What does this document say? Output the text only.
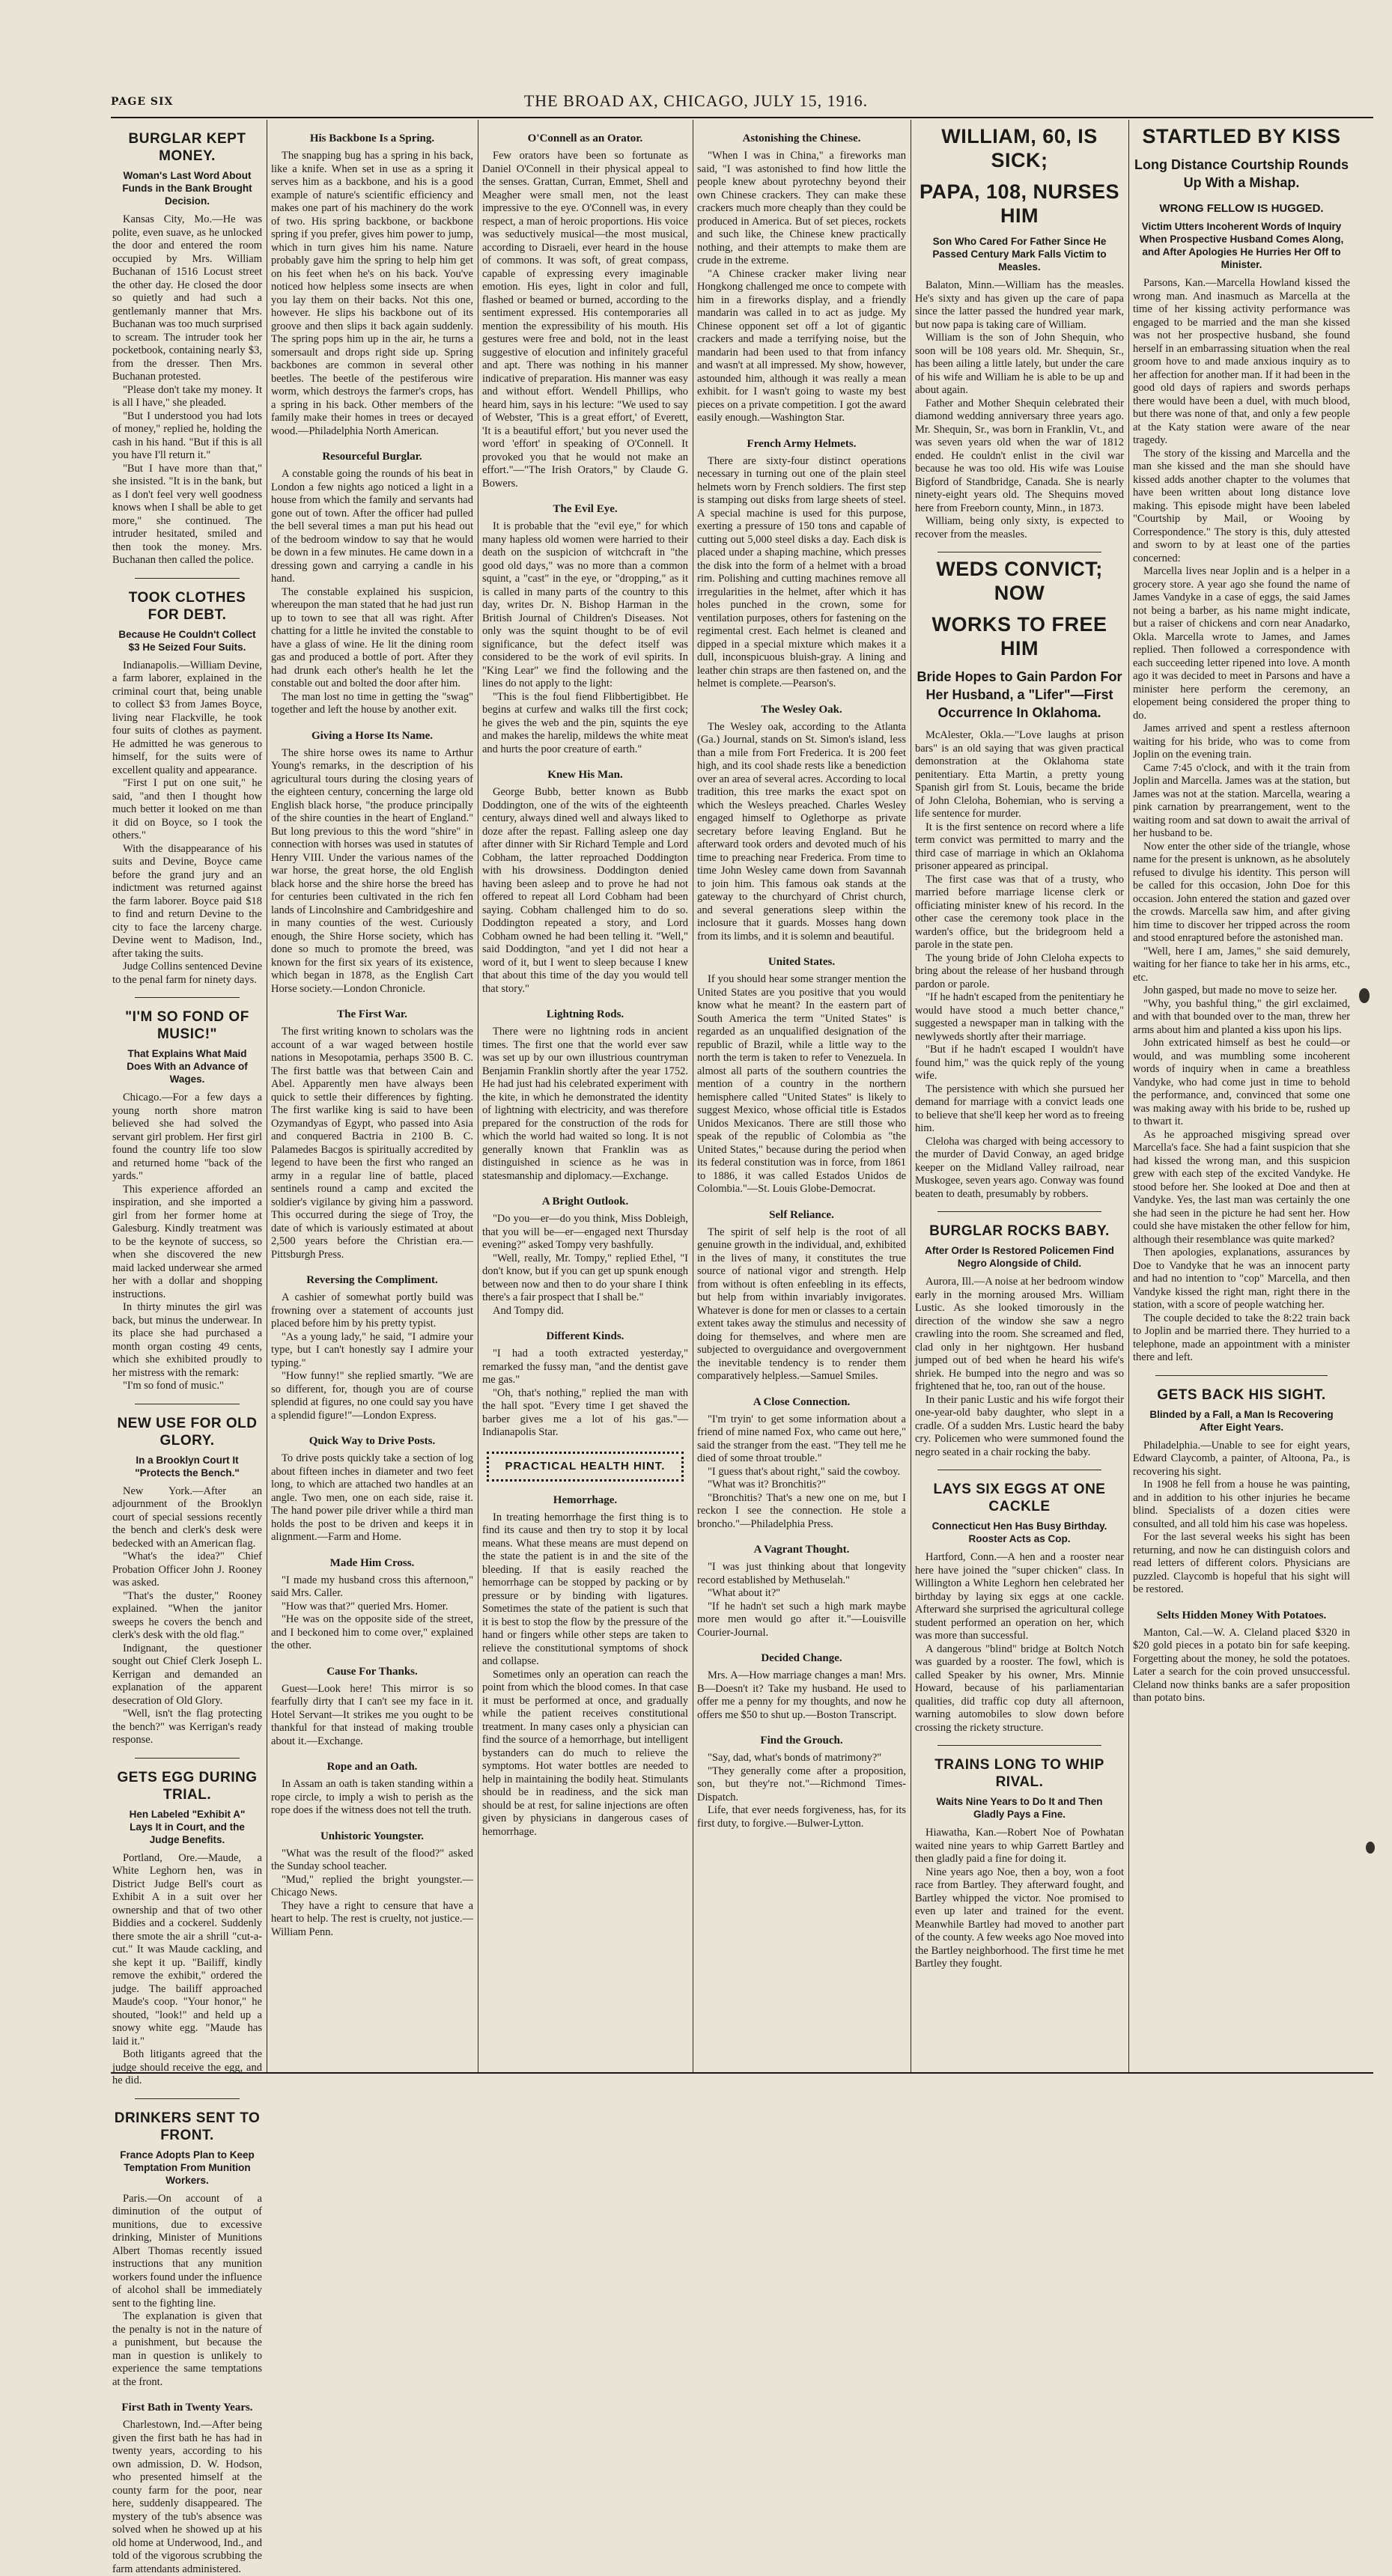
PAGE SIX	THE BROAD AX, CHICAGO, JULY 15, 1916.
BURGLAR KEPT MONEY.
Woman's Last Word About Funds in the Bank Brought Decision.

Kansas City, Mo.—He was polite, even suave, as he unlocked the door and entered the room occupied by Mrs. William Buchanan of 1516 Locust street the other day. He closed the door so quietly and had such a gentlemanly manner that Mrs. Buchanan was too much surprised to scream. The intruder took her pocketbook, containing nearly $3, from the dresser. Then Mrs. Buchanan protested.

"Please don't take my money. It is all I have," she pleaded.

"But I understood you had lots of money," replied he, holding the cash in his hand. "But if this is all you have I'll return it."

"But I have more than that," she insisted. "It is in the bank, but as I don't feel very well goodness knows when I shall be able to get more," she continued. The intruder hesitated, smiled and then took the money. Mrs. Buchanan then called the police.

TOOK CLOTHES FOR DEBT.
Because He Couldn't Collect $3 He Seized Four Suits.

Indianapolis.—William Devine, a farm laborer, explained in the criminal court that, being unable to collect $3 from James Boyce, living near Flackville, he took four suits of clothes as payment. He admitted he was generous to himself, for the suits were of excellent quality and appearance.

"First I put on one suit," he said, "and then I thought how much better it looked on me than it did on Boyce, so I took the others."

With the disappearance of his suits and Devine, Boyce came before the grand jury and an indictment was returned against the farm laborer. Boyce paid $18 to find and return Devine to the city to face the larceny charge. Devine went to Madison, Ind., after taking the suits.

Judge Collins sentenced Devine to the penal farm for ninety days.

"I'M SO FOND OF MUSIC!"
That Explains What Maid Does With an Advance of Wages.

Chicago.—For a few days a young north shore matron believed she had solved the servant girl problem. Her first girl found the country life too slow and returned home "back of the yards."

This experience afforded an inspiration, and she imported a girl from her former home at Galesburg. Kindly treatment was to be the keynote of success, so when she discovered the new maid lacked underwear she armed her with a dollar and shopping instructions.

In thirty minutes the girl was back, but minus the underwear. In its place she had purchased a month organ costing 49 cents, which she exhibited proudly to her mistress with the remark:

"I'm so fond of music."

NEW USE FOR OLD GLORY.
In a Brooklyn Court It "Protects the Bench."

New York.—After an adjournment of the Brooklyn court of special sessions recently the bench and clerk's desk were bedecked with an American flag.

"What's the idea?" Chief Probation Officer John J. Rooney was asked.

"That's the duster," Rooney explained. "When the janitor sweeps he covers the bench and clerk's desk with the old flag."

Indignant, the questioner sought out Chief Clerk Joseph L. Kerrigan and demanded an explanation of the apparent desecration of Old Glory.

"Well, isn't the flag protecting the bench?" was Kerrigan's ready response.

GETS EGG DURING TRIAL.
Hen Labeled "Exhibit A" Lays It in Court, and the Judge Benefits.

Portland, Ore.—Maude, a White Leghorn hen, was in District Judge Bell's court as Exhibit A in a suit over her ownership and that of two other Biddies and a cockerel. Suddenly there smote the air a shrill "cut-a-cut." It was Maude cackling, and she kept it up. "Bailiff, kindly remove the exhibit," ordered the judge. The bailiff approached Maude's coop. "Your honor," he shouted, "look!" and held up a snowy white egg. "Maude has laid it."

Both litigants agreed that the judge should receive the egg, and he did.

DRINKERS SENT TO FRONT.
France Adopts Plan to Keep Temptation From Munition Workers.

Paris.—On account of a diminution of the output of munitions, due to excessive drinking, Minister of Munitions Albert Thomas recently issued instructions that any munition workers found under the influence of alcohol shall be immediately sent to the fighting line.

The explanation is given that the penalty is not in the nature of a punishment, but because the man in question is unlikely to experience the same temptations at the front.

First Bath in Twenty Years.

Charlestown, Ind.—After being given the first bath he has had in twenty years, according to his own admission, D. W. Hodson, who presented himself at the county farm for the poor, near here, suddenly disappeared. The mystery of the tub's absence was solved when he showed up at his old home at Underwood, Ind., and told of the vigorous scrubbing the farm attendants administered.

His Backbone Is a Spring.

The snapping bug has a spring in his back, like a knife. When set in use as a spring it serves him as a backbone, and his is a good example of nature's scientific efficiency and makes one part of his machinery do the work of two. His spring backbone, or backbone spring if you prefer, gives him power to jump, which in turn gives him his name. Nature probably gave him the spring to help him get on his feet when he's on his back. You've noticed how helpless some insects are when you lay them on their backs. Not this one, however. He slips his backbone out of its groove and then slips it back again suddenly. The spring pops him up in the air, he turns a somersault and drops right side up. Spring backbones are common in several other beetles. The beetle of the pestiferous wire worm, which destroys the farmer's crops, has a spring in his back. Other members of the family make their homes in trees or decayed wood.—Philadelphia North American.

Resourceful Burglar.

A constable going the rounds of his beat in London a few nights ago noticed a light in a house from which the family and servants had gone out of town. After the officer had pulled the bell several times a man put his head out of the bedroom window to say that he would be down in a few minutes. He came down in a dressing gown and carrying a candle in his hand.

The constable explained his suspicion, whereupon the man stated that he had just run up to town to see that all was right. After chatting for a little he invited the constable to have a glass of wine. He lit the dining room gas and produced a bottle of port. After they had drunk each other's health he let the constable out and bolted the door after him.

The man lost no time in getting the "swag" together and left the house by another exit.

Giving a Horse Its Name.

The shire horse owes its name to Arthur Young's remarks, in the description of his agricultural tours during the closing years of the eighteen century, concerning the large old English black horse, "the produce principally of the shire counties in the heart of England." But long previous to this the word "shire" in connection with horses was used in statutes of Henry VIII. Under the various names of the war horse, the great horse, the old English black horse and the shire horse the breed has for centuries been cultivated in the rich fen lands of Lincolnshire and Cambridgeshire and in many counties of the west. Curiously enough, the Shire Horse society, which has done so much to promote the breed, was known for the first six years of its existence, which began in 1878, as the English Cart Horse society.—London Chronicle.

The First War.

The first writing known to scholars was the account of a war waged between hostile nations in Mesopotamia, perhaps 3500 B. C. The first battle was that between Cain and Abel. Apparently men have always been quick to settle their differences by fighting. The first warlike king is said to have been Ozymandyas of Egypt, who passed into Asia and conquered Bactria in 2100 B. C. Palamedes Bacgos is spiritually accredited by legend to have been the first who ranged an army in a regular line of battle, placed sentinels round a camp and excited the soldier's vigilance by giving him a password. This occurred during the siege of Troy, the date of which is variously estimated at about 2,500 years before the Christian era.—Pittsburgh Press.

Reversing the Compliment.

A cashier of somewhat portly build was frowning over a statement of accounts just placed before him by his pretty typist.

"As a young lady," he said, "I admire your type, but I can't honestly say I admire your typing."

"How funny!" she replied smartly. "We are so different, for, though you are of course splendid at figures, no one could say you have a splendid figure!"—London Express.

Quick Way to Drive Posts.

To drive posts quickly take a section of log about fifteen inches in diameter and two feet long, to which are attached two handles at an angle. Two men, one on each side, raise it. The hand power pile driver while a third man holds the post to be driven and keeps it in alignment.—Farm and Home.

Made Him Cross.

"I made my husband cross this afternoon," said Mrs. Caller.

"How was that?" queried Mrs. Homer.

"He was on the opposite side of the street, and I beckoned him to come over," explained the other.

Cause For Thanks.

Guest—Look here! This mirror is so fearfully dirty that I can't see my face in it. Hotel Servant—It strikes me you ought to be thankful for that instead of making trouble about it.—Exchange.

Rope and an Oath.

In Assam an oath is taken standing within a rope circle, to imply a wish to perish as the rope does if the witness does not tell the truth.

Unhistoric Youngster.

"What was the result of the flood?" asked the Sunday school teacher.

"Mud," replied the bright youngster.—Chicago News.

They have a right to censure that have a heart to help. The rest is cruelty, not justice.—William Penn.

O'Connell as an Orator.

Few orators have been so fortunate as Daniel O'Connell in their physical appeal to the senses. Grattan, Curran, Emmet, Shell and Meagher were small men, not the least impressive to the eye. O'Connell was, in every respect, a man of heroic proportions. His voice was seductively musical—the most musical, according to Disraeli, ever heard in the house of commons. It was soft, of great compass, capable of expressing every imaginable emotion. His eyes, light in color and full, flashed or beamed or burned, according to the sentiment expressed. His contemporaries all mention the expressibility of his mouth. His gestures were free and bold, not in the least suggestive of elocution and infinitely graceful and apt. There was nothing in his manner indicative of preparation. His manner was easy and without effort. Wendell Phillips, who heard him, says in his lecture: "We used to say of Webster, 'This is a great effort,' of Everett, 'It is a beautiful effort,' but you never used the word 'effort' in speaking of O'Connell. It provoked you that he would not make an effort."—"The Irish Orators," by Claude G. Bowers.

The Evil Eye.

It is probable that the "evil eye," for which many hapless old women were harried to their death on the suspicion of witchcraft in "the good old days," was no more than a common squint, a "cast" in the eye, or "dropping," as it is called in many parts of the country to this day, writes Dr. N. Bishop Harman in the British Journal of Children's Diseases. Not only was the squint thought to be of evil significance, but the defect itself was considered to be the work of evil spirits. In "King Lear" we find the following and the lines do not apply to the light:

"This is the foul fiend Flibbertigibbet. He begins at curfew and walks till the first cock; he gives the web and the pin, squints the eye and makes the harelip, mildews the white meat and hurts the poor creature of earth."

Knew His Man.

George Bubb, better known as Bubb Doddington, one of the wits of the eighteenth century, always dined well and always liked to doze after the repast. Falling asleep one day after dinner with Sir Richard Temple and Lord Cobham, the latter reproached Doddington with his drowsiness. Doddington denied having been asleep and to prove he had not offered to repeat all Lord Cobham had been saying. Cobham challenged him to do so. Doddington repeated a story, and Lord Cobham owned he had been telling it. "Well," said Doddington, "and yet I did not hear a word of it, but I went to sleep because I knew that about this time of the day you would tell that story."

Lightning Rods.

There were no lightning rods in ancient times. The first one that the world ever saw was set up by our own illustrious countryman Benjamin Franklin shortly after the year 1752. He had just had his celebrated experiment with the kite, in which he demonstrated the identity of lightning with electricity, and was therefore prepared for the construction of the rods for which the world had waited so long. It is not generally known that Franklin was as distinguished in science as he was in statesmanship and diplomacy.—Exchange.

A Bright Outlook.

"Do you—er—do you think, Miss Dobleigh, that you will be—er—engaged next Thursday evening?" asked Tompy very bashfully.

"Well, really, Mr. Tompy," replied Ethel, "I don't know, but if you can get up spunk enough between now and then to do your share I think there's a fair prospect that I shall be."

And Tompy did.

Different Kinds.

"I had a tooth extracted yesterday," remarked the fussy man, "and the dentist gave me gas."

"Oh, that's nothing," replied the man with the hall spot. "Every time I get shaved the barber gives me a lot of his gas."—Indianapolis Star.

PRACTICAL HEALTH HINT.
Hemorrhage.

In treating hemorrhage the first thing is to find its cause and then try to stop it by local means. What these means are must depend on the state the patient is in and the site of the bleeding. If that is easily reached the hemorrhage can be stopped by packing or by pressure or by binding with ligatures. Sometimes the state of the patient is such that it is best to stop the flow by the pressure of the hand or fingers while other steps are taken to relieve the constitutional symptoms of shock and collapse.

Sometimes only an operation can reach the point from which the blood comes. In that case it must be performed at once, and gradually while the patient receives constitutional treatment. In many cases only a physician can find the source of a hemorrhage, but intelligent bystanders can do much to relieve the symptoms. Hot water bottles are needed to help in maintaining the bodily heat. Stimulants should be in readiness, and the sick man should be at rest, for saline injections are often given by physicians in dangerous cases of hemorrhage.

Astonishing the Chinese.

"When I was in China," a fireworks man said, "I was astonished to find how little the people knew about pyrotechny beyond their own Chinese crackers. They can make these crackers much more cheaply than they could be produced in America. But of set pieces, rockets and such like, the Chinese knew practically nothing, and their attempts to make them are crude in the extreme.

"A Chinese cracker maker living near Hongkong challenged me once to compete with him in a fireworks display, and a friendly mandarin was called in to act as judge. My Chinese opponent set off a lot of gigantic crackers and made a terrifying noise, but the mandarin had been used to that from infancy and wasn't at all impressed. My show, however, astounded him, although it was really a mean exhibit. for I wasn't going to waste my best pieces on a private competition. I got the award easily enough.—Washington Star.

French Army Helmets.

There are sixty-four distinct operations necessary in turning out one of the plain steel helmets worn by French soldiers. The first step is stamping out disks from large sheets of steel. A special machine is used for this purpose, exerting a pressure of 150 tons and capable of cutting out 5,000 steel disks a day. Each disk is placed under a shaping machine, which presses the disk into the form of a helmet with a broad rim. Polishing and cutting machines remove all irregularities in the helmet, after which it has holes punched in the crown, some for ventilation purposes, others for fastening on the regimental crest. Each helmet is cleaned and dipped in a special mixture which makes it a dull, inconspicuous bluish-gray. A lining and leather chin straps are then fastened on, and the helmet is complete.—Pearson's.

The Wesley Oak.

The Wesley oak, according to the Atlanta (Ga.) Journal, stands on St. Simon's island, less than a mile from Fort Frederica. It is 200 feet high, and its cool shade rests like a benediction over an area of several acres. According to local tradition, this tree marks the exact spot on which the Wesleys preached. Charles Wesley engaged himself to Oglethorpe as private secretary before leaving England. But he afterward took orders and devoted much of his time to preaching near Frederica. From time to time John Wesley came down from Savannah to join him. This famous oak stands at the gateway to the churchyard of Christ church, and several generations sleep within the inclosure that it guards. Mosses hang down from its limbs, and it is solemn and beautiful.

United States.

If you should hear some stranger mention the United States are you positive that you would know what he meant? In the eastern part of South America the term "United States" is regarded as an unqualified designation of the republic of Brazil, while a little way to the north the term is taken to refer to Venezuela. In almost all parts of the southern countries the mention of a country in the northern hemisphere called "United States" is likely to suggest Mexico, whose official title is Estados Unidos Mexicanos. There are still those who speak of the republic of Colombia as "the United States," because during the period when its federal constitution was in force, from 1861 to 1886, it was called Estados Unidos de Colombia."—St. Louis Globe-Democrat.

Self Reliance.

The spirit of self help is the root of all genuine growth in the individual, and, exhibited in the lives of many, it constitutes the true source of national vigor and strength. Help from without is often enfeebling in its effects, but help from within invariably invigorates. Whatever is done for men or classes to a certain extent takes away the stimulus and necessity of doing for themselves, and where men are subjected to overguidance and overgovernment the inevitable tendency is to render them comparatively helpless.—Samuel Smiles.

A Close Connection.

"I'm tryin' to get some information about a friend of mine named Fox, who came out here," said the stranger from the east. "They tell me he died of some throat trouble."

"I guess that's about right," said the cowboy.

"What was it? Bronchitis?"

"Bronchitis? That's a new one on me, but I reckon I see the connection. He stole a broncho."—Philadelphia Press.

A Vagrant Thought.

"I was just thinking about that longevity record established by Methuselah."

"What about it?"

"If he hadn't set such a high mark maybe more men would go after it."—Louisville Courier-Journal.

Decided Change.

Mrs. A—How marriage changes a man! Mrs. B—Doesn't it? Take my husband. He used to offer me a penny for my thoughts, and now he offers me $50 to shut up.—Boston Transcript.

Find the Grouch.

"Say, dad, what's bonds of matrimony?"

"They generally come after a proposition, son, but they're not."—Richmond Times-Dispatch.

Life, that ever needs forgiveness, has, for its first duty, to forgive.—Bulwer-Lytton.

WILLIAM, 60, IS SICK;
PAPA, 108, NURSES HIM
Son Who Cared For Father Since He Passed Century Mark Falls Victim to Measles.

Balaton, Minn.—William has the measles. He's sixty and has given up the care of papa since the latter passed the hundred year mark, but now papa is taking care of William.

William is the son of John Shequin, who soon will be 108 years old. Mr. Shequin, Sr., has been ailing a little lately, but under the care of his wife and William he is able to be up and about again.

Father and Mother Shequin celebrated their diamond wedding anniversary three years ago. Mr. Shequin, Sr., was born in Franklin, Vt., and was seven years old when the war of 1812 ended. He couldn't enlist in the civil war because he was too old. His wife was Louise Bigford of Standbridge, Canada. She is nearly ninety-eight years old. The Shequins moved here from Freeborn county, Minn., in 1873.

William, being only sixty, is expected to recover from the measles.

WEDS CONVICT; NOW
WORKS TO FREE HIM
Bride Hopes to Gain Pardon For Her Husband, a "Lifer"—First Occurrence In Oklahoma.

McAlester, Okla.—"Love laughs at prison bars" is an old saying that was given practical demonstration at the Oklahoma state penitentiary. Etta Martin, a pretty young Spanish girl from St. Louis, became the bride of John Cleloha, Bohemian, who is serving a life sentence for murder.

It is the first sentence on record where a life term convict was permitted to marry and the third case of marriage in which an Oklahoma prisoner appeared as principal.

The first case was that of a trusty, who married before marriage license clerk or officiating minister knew of his record. In the other case the ceremony took place in the warden's office, but the bridegroom held a parole in the state pen.

The young bride of John Cleloha expects to bring about the release of her husband through pardon or parole.

"If he hadn't escaped from the penitentiary he would have stood a much better chance," suggested a newspaper man in talking with the newlyweds shortly after their marriage.

"But if he hadn't escaped I wouldn't have found him," was the quick reply of the young wife.

The persistence with which she pursued her demand for marriage with a convict leads one to believe that she'll keep her word as to freeing him.

Cleloha was charged with being accessory to the murder of David Conway, an aged bridge keeper on the Midland Valley railroad, near Muskogee, seven years ago. Conway was found beaten to death, presumably by robbers.

BURGLAR ROCKS BABY.
After Order Is Restored Policemen Find Negro Alongside of Child.

Aurora, Ill.—A noise at her bedroom window early in the morning aroused Mrs. William Lustic. As she looked timorously in the direction of the window she saw a negro crawling into the room. She screamed and fled, clad only in her nightgown. Her husband jumped out of bed when he heard his wife's shriek. He bumped into the negro and was so frightened that he, too, ran out of the house.

In their panic Lustic and his wife forgot their one-year-old baby daughter, who slept in a cradle. Of a sudden Mrs. Lustic heard the baby cry. Policemen who were summoned found the negro seated in a chair rocking the baby.

LAYS SIX EGGS AT ONE CACKLE
Connecticut Hen Has Busy Birthday. Rooster Acts as Cop.

Hartford, Conn.—A hen and a rooster near here have joined the "super chicken" class. In Willington a White Leghorn hen celebrated her birthday by laying six eggs at one cackle. Afterward she surprised the agricultural college student performed an operation on her, which was more than successful.

A dangerous "blind" bridge at Boltch Notch was guarded by a rooster. The fowl, which is called Speaker by his owner, Mrs. Minnie Howard, because of his parliamentarian qualities, did traffic cop duty all afternoon, warning automobiles to slow down before crossing the rickety structure.

TRAINS LONG TO WHIP RIVAL.
Waits Nine Years to Do It and Then Gladly Pays a Fine.

Hiawatha, Kan.—Robert Noe of Powhatan waited nine years to whip Garrett Bartley and then gladly paid a fine for doing it.

Nine years ago Noe, then a boy, won a foot race from Bartley. They afterward fought, and Bartley whipped the victor. Noe promised to even up later and trained for the event. Meanwhile Bartley had moved to another part of the county. A few weeks ago Noe moved into the Bartley neighborhood. The first time he met Bartley they fought.

STARTLED BY KISS
Long Distance Courtship Rounds Up With a Mishap.
WRONG FELLOW IS HUGGED.
Victim Utters Incoherent Words of Inquiry When Prospective Husband Comes Along, and After Apologies He Hurries Her Off to Minister.

Parsons, Kan.—Marcella Howland kissed the wrong man. And inasmuch as Marcella at the time of her kissing activity performance was engaged to be married and the man she kissed was not her prospective husband, she found herself in an embarrassing situation when the real groom hove to and made anxious inquiry as to her affection for another man. If it had been in the good old days of rapiers and swords perhaps there would have been a duel, with much blood, but there was none of that, and only a few people at the Katy station were aware of the near tragedy.

The story of the kissing and Marcella and the man she kissed and the man she should have kissed adds another chapter to the volumes that have been written about long distance love making. This episode might have been labeled "Courtship by Mail, or Wooing by Correspondence." The story is this, duly attested and sworn to by at least one of the parties concerned:

Marcella lives near Joplin and is a helper in a grocery store. A year ago she found the name of James Vandyke in a case of eggs, the said James not being a barber, as his name might indicate, but a raiser of chickens and corn near Anadarko, Okla. Marcella wrote to James, and James replied. Then followed a correspondence with each succeeding letter ripened into love. A month ago it was decided to meet in Parsons and have a minister here perform the ceremony, an elopement being considered the proper thing to do.

James arrived and spent a restless afternoon waiting for his bride, who was to come from Joplin on the evening train.

Came 7:45 o'clock, and with it the train from Joplin and Marcella. James was at the station, but James was not at the station. Marcella, wearing a pink carnation by prearrangement, went to the waiting room and sat down to await the arrival of her husband to be.

Now enter the other side of the triangle, whose name for the present is unknown, as he absolutely refused to divulge his identity. This person will be called for this occasion, John Doe for this occasion. John entered the station and gazed over the crowds. Marcella saw him, and after giving him time to discover her tripped across the room and stood enraptured before the astonished man.

"Well, here I am, James," she said demurely, waiting for her fiance to take her in his arms, etc., etc.

John gasped, but made no move to seize her.

"Why, you bashful thing," the girl exclaimed, and with that bounded over to the man, threw her arms about him and planted a kiss upon his lips.

John extricated himself as best he could—or would, and was mumbling some incoherent words of inquiry when in came a breathless Vandyke, who had come just in time to behold the performance, and, convinced that some one was making away with his bride to be, rushed up to thwart it.

As he approached misgiving spread over Marcella's face. She had a faint suspicion that she had kissed the wrong man, and this suspicion grew with each step of the excited Vandyke. He stood before her. She looked at Doe and then at Vandyke. Yes, the last man was certainly the one she had seen in the picture he had sent her. How could she have mistaken the other fellow for him, although their resemblance was quite marked?

Then apologies, explanations, assurances by Doe to Vandyke that he was an innocent party and had no intention to "cop" Marcella, and then Vandyke kissed the right man, right there in the station, with a score of people watching her.

The couple decided to take the 8:22 train back to Joplin and be married there. They hurried to a telephone, made an appointment with a minister there and left.

GETS BACK HIS SIGHT.
Blinded by a Fall, a Man Is Recovering After Eight Years.

Philadelphia.—Unable to see for eight years, Edward Claycomb, a painter, of Altoona, Pa., is recovering his sight.

In 1908 he fell from a house he was painting, and in addition to his other injuries he became blind. Specialists of a dozen cities were consulted, and all told him his case was hopeless.

For the last several weeks his sight has been returning, and now he can distinguish colors and read letters of different colors. Physicians are puzzled. Claycomb is hopeful that his sight will be restored.

Selts Hidden Money With Potatoes.

Manton, Cal.—W. A. Cleland placed $320 in $20 gold pieces in a potato bin for safe keeping. Forgetting about the money, he sold the potatoes. Later a search for the coin proved unsuccessful. Cleland now thinks banks are a safer proposition than potato bins.
